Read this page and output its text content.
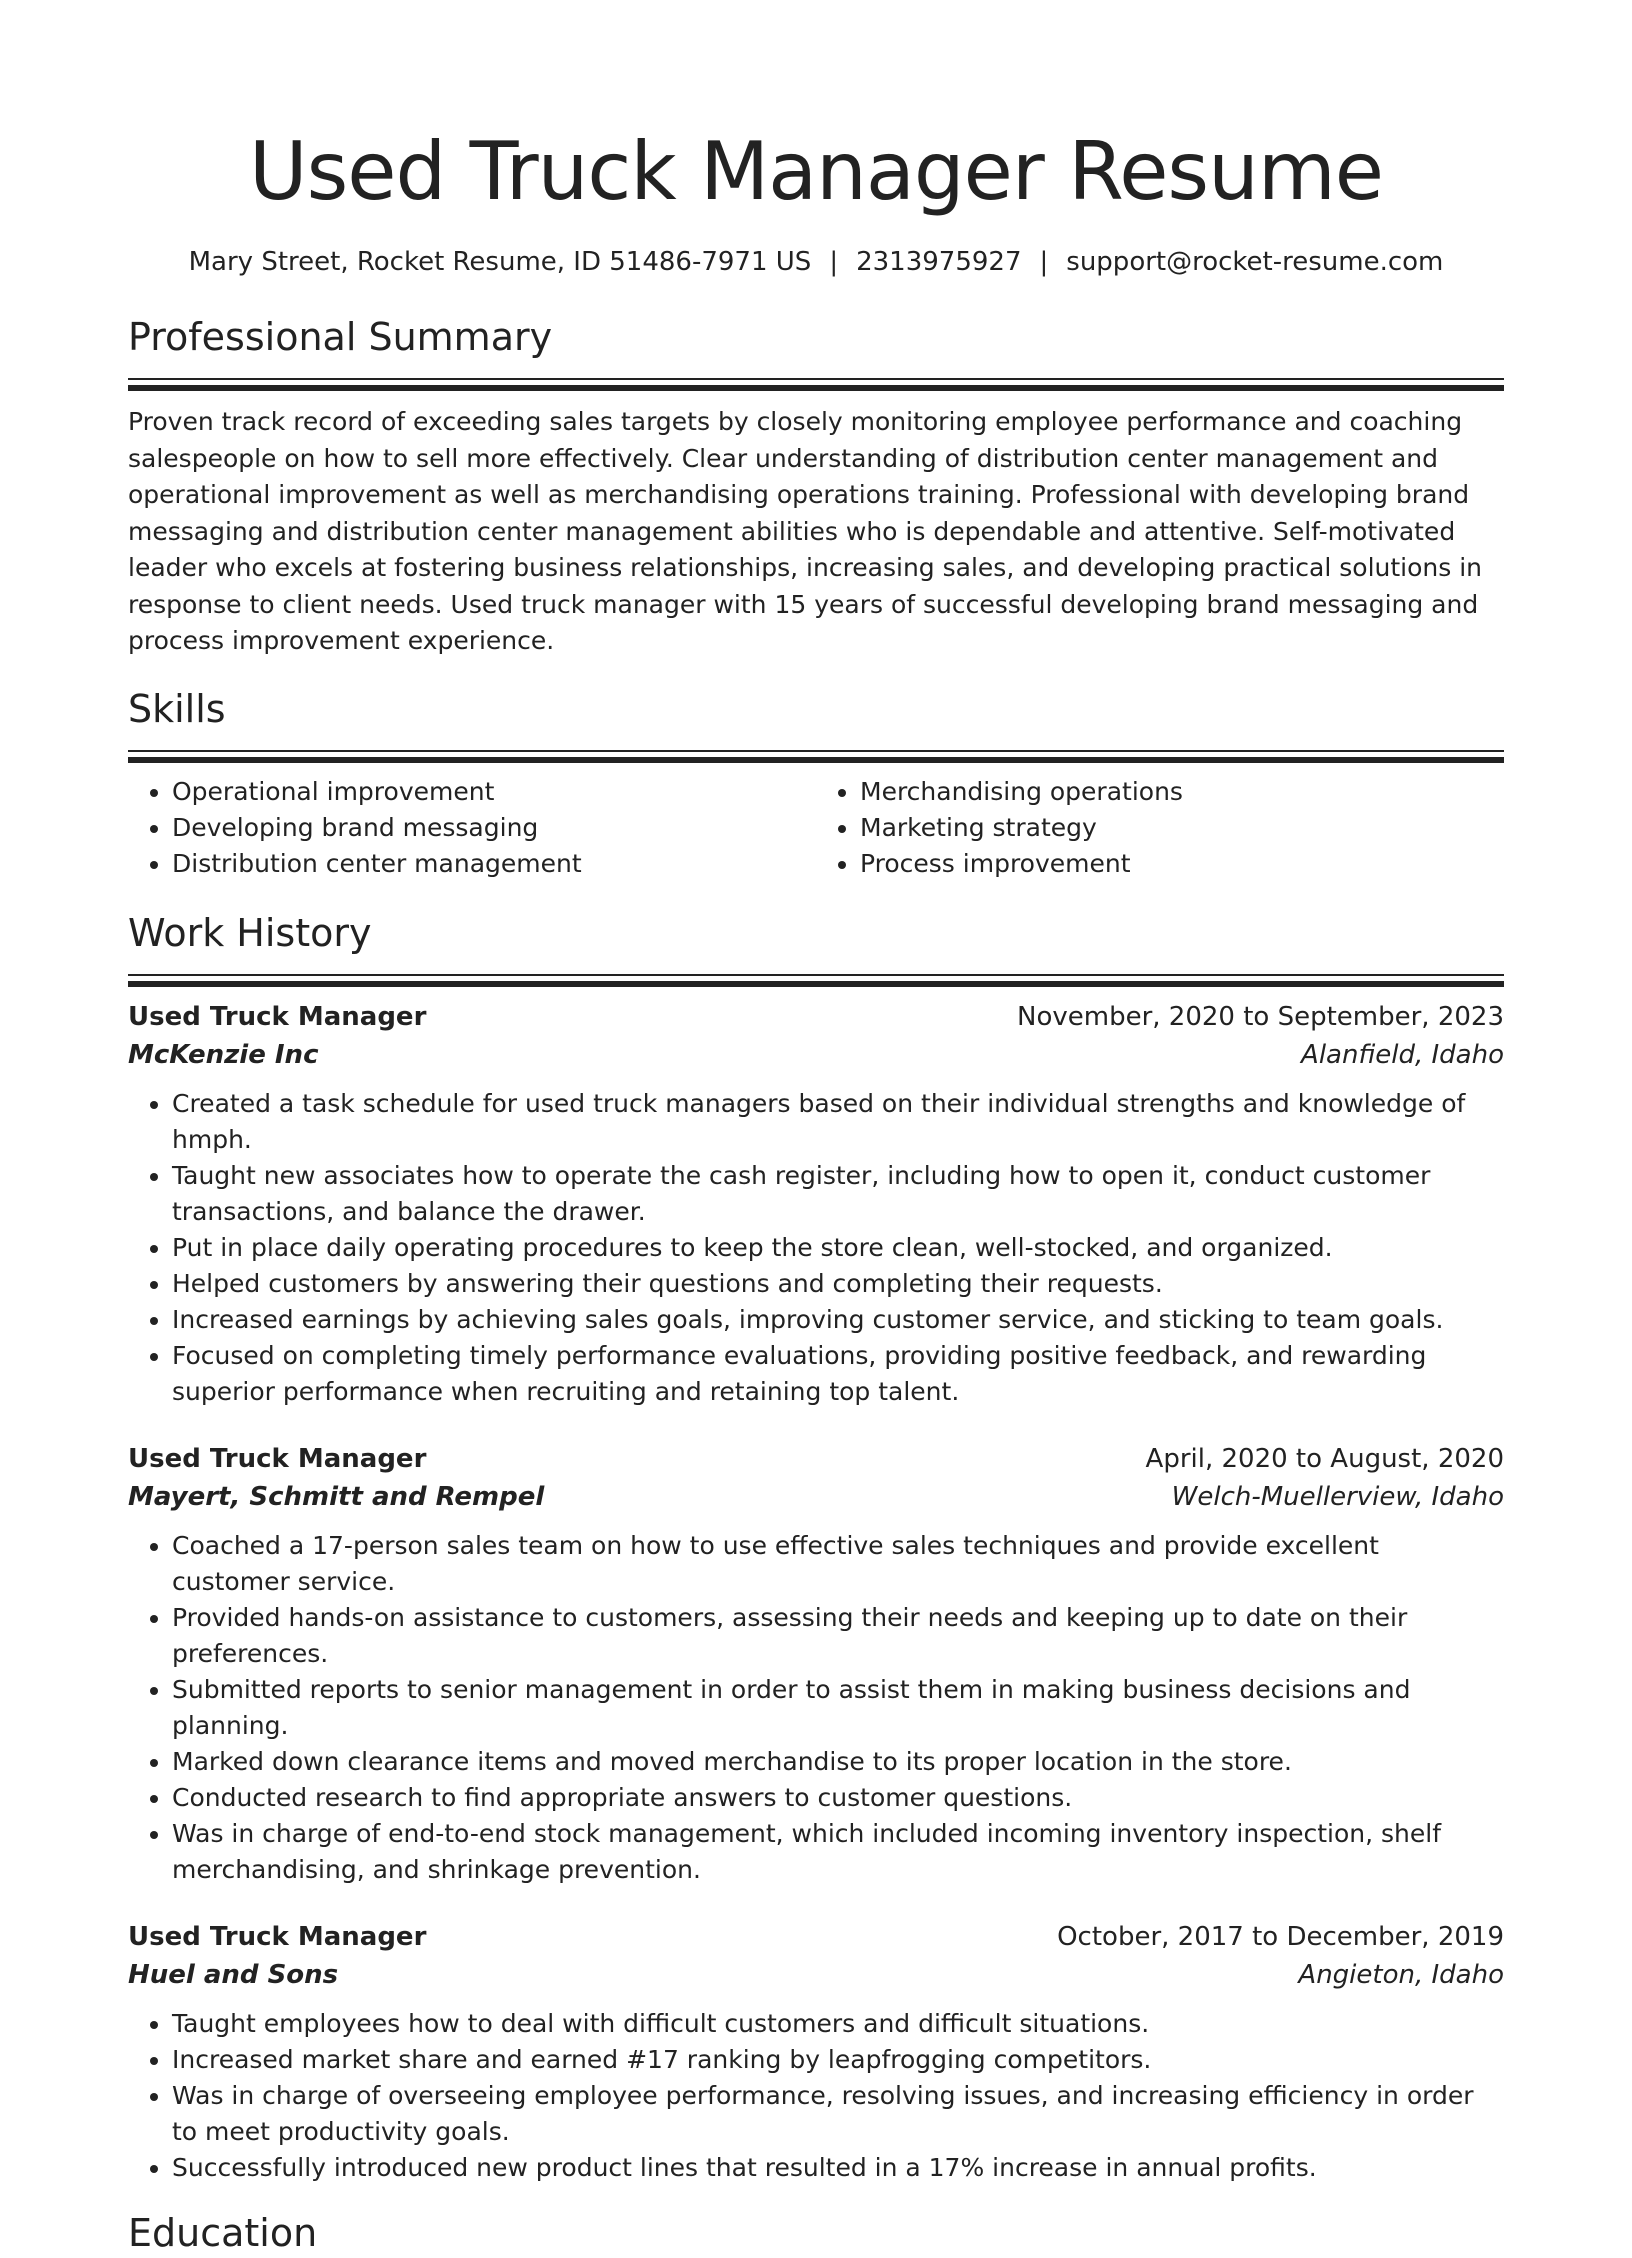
Used Truck Manager Resume
Mary Street, Rocket Resume, ID 51486-7971 US | 2313975927 | support@rocket-resume.com
Professional Summary

Proven track record of exceeding sales targets by closely monitoring employee performance and coaching salespeople on how to sell more effectively. Clear understanding of distribution center management and operational improvement as well as merchandising operations training. Professional with developing brand messaging and distribution center management abilities who is dependable and attentive. Self-motivated leader who excels at fostering business relationships, increasing sales, and developing practical solutions in response to client needs. Used truck manager with 15 years of successful developing brand messaging and process improvement experience.

Skills
• Operational improvement
• Developing brand messaging
• Distribution center management
• Merchandising operations
• Marketing strategy
• Process improvement
Work History
Used Truck Manager	November, 2020 to September, 2023
McKenzie Inc	Alanfield, Idaho
• Created a task schedule for used truck managers based on their individual strengths and knowledge of hmph.
• Taught new associates how to operate the cash register, including how to open it, conduct customer transactions, and balance the drawer.
• Put in place daily operating procedures to keep the store clean, well-stocked, and organized.
• Helped customers by answering their questions and completing their requests.
• Increased earnings by achieving sales goals, improving customer service, and sticking to team goals.
• Focused on completing timely performance evaluations, providing positive feedback, and rewarding superior performance when recruiting and retaining top talent.
Used Truck Manager	April, 2020 to August, 2020
Mayert, Schmitt and Rempel	Welch-Muellerview, Idaho
• Coached a 17-person sales team on how to use effective sales techniques and provide excellent customer service.
• Provided hands-on assistance to customers, assessing their needs and keeping up to date on their preferences.
• Submitted reports to senior management in order to assist them in making business decisions and planning.
• Marked down clearance items and moved merchandise to its proper location in the store.
• Conducted research to find appropriate answers to customer questions.
• Was in charge of end-to-end stock management, which included incoming inventory inspection, shelf merchandising, and shrinkage prevention.
Used Truck Manager	October, 2017 to December, 2019
Huel and Sons	Angieton, Idaho
• Taught employees how to deal with difficult customers and difficult situations.
• Increased market share and earned #17 ranking by leapfrogging competitors.
• Was in charge of overseeing employee performance, resolving issues, and increasing efficiency in order to meet productivity goals.
• Successfully introduced new product lines that resulted in a 17% increase in annual profits.
Education
